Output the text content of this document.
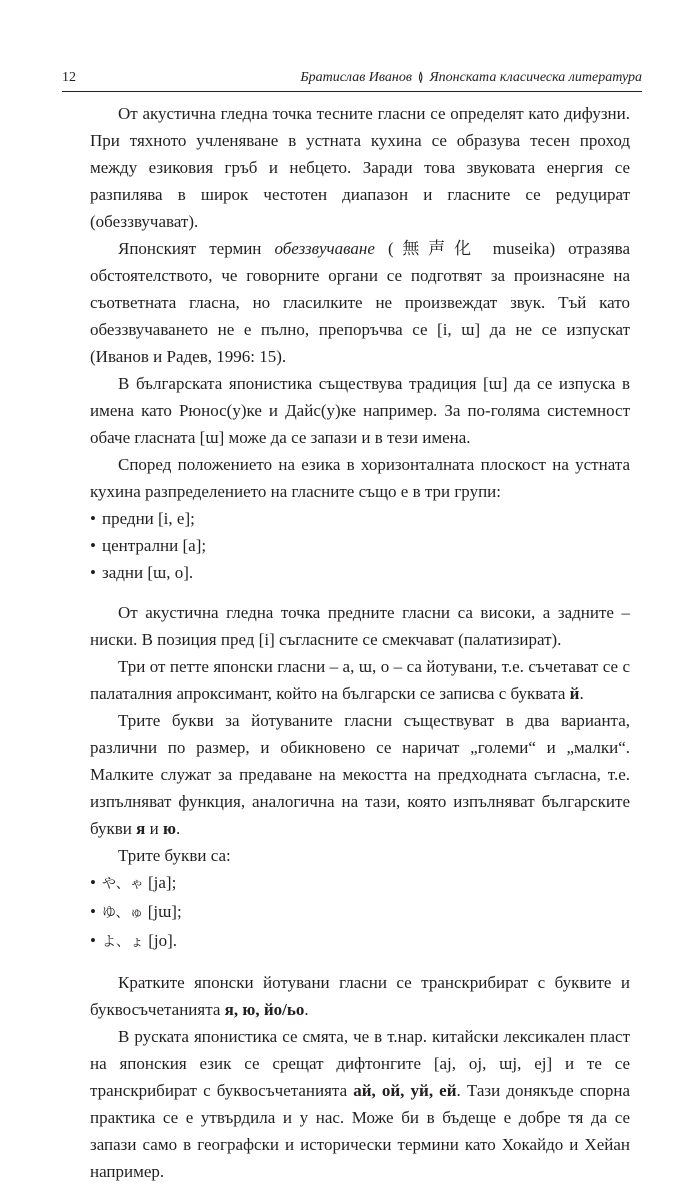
12	Братислав Иванов ≬ Японската класическа литература

От акустична гледна точка тесните гласни се определят като дифузни. При тяхното учленяване в устната кухина се образува тесен проход между езиковия гръб и небцето. Заради това звуковата енергия се разпилява в широк честотен диапазон и гласните се редуцират (обеззвучават).

Японският термин обеззвучаване (無声化 museika) отразява обстоятелството, че говорните органи се подготвят за произнасяне на съответната гласна, но гласилките не произвеждат звук. Тъй като обеззвучаването не е пълно, препоръчва се [i, ɯ] да не се изпускат (Иванов и Радев, 1996: 15).

В българската японистика съществува традиция [ɯ] да се изпуска в имена като Рюнос(у)ке и Дайс(у)ке например. За по-голяма системност обаче гласната [ɯ] може да се запази и в тези имена.

Според положението на езика в хоризонталната плоскост на устната кухина разпределението на гласните също е в три групи:

• предни [i, e];
• централни [a];
• задни [ɯ, o].

От акустична гледна точка предните гласни са високи, а задните – ниски. В позиция пред [i] съгласните се смекчават (палатизират).

Три от петте японски гласни – a, ɯ, o – са йотувани, т.е. съчетават се с палаталния апроксимант, който на български се записва с буквата й.

Трите букви за йотуваните гласни съществуват в два варианта, различни по размер, и обикновено се наричат „големи“ и „малки“. Малките служат за предаване на мекостта на предходната съгласна, т.е. изпълняват функция, аналогична на тази, която изпълняват българските букви я и ю.

Трите букви са:

• や、ゃ [ja];
• ゆ、ゅ [jɯ];
• よ、ょ [jo].

Кратките японски йотувани гласни се транскрибират с буквите и буквосъчетанията я, ю, йо/ьо.

В руската японистика се смята, че в т.нар. китайски лексикален пласт на японския език се срещат дифтонгите [aj, oj, ɯj, ej] и те се транскрибират с буквосъчетанията ай, ой, уй, ей. Тази донякъде спорна практика се е утвърдила и у нас. Може би в бъдеще е добре тя да се запази само в географски и исторически термини като Хокайдо и Хейан например.
